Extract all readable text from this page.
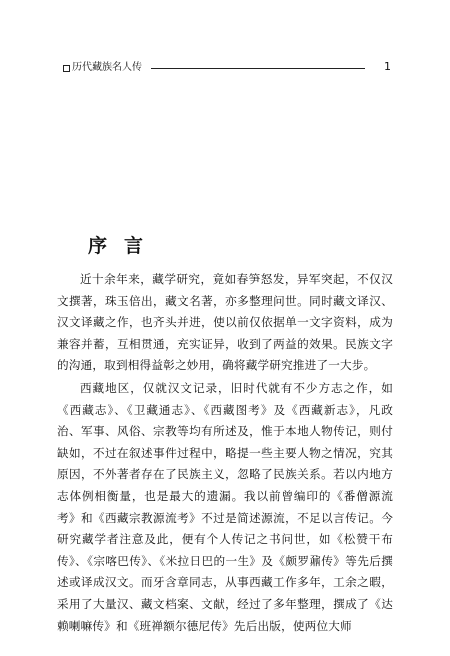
历代藏族名人传	1
序言

近十余年来，藏学研究，竟如春笋怒发，异军突起，不仅汉文撰著，珠玉倍出，藏文名著，亦多整理问世。同时藏文译汉、汉文译藏之作，也齐头并进，使以前仅依据单一文字资料，成为兼容并蓄，互相贯通，充实证异，收到了两益的效果。民族文字的沟通，取到相得益彰之妙用，确将藏学研究推进了一大步。

西藏地区，仅就汉文记录，旧时代就有不少方志之作，如《西藏志》、《卫藏通志》、《西藏图考》及《西藏新志》，凡政治、军事、风俗、宗教等均有所述及，惟于本地人物传记，则付缺如，不过在叙述事件过程中，略提一些主要人物之情况，究其原因，不外著者存在了民族主义，忽略了民族关系。若以内地方志体例相衡量，也是最大的遗漏。我以前曾编印的《番僧源流考》和《西藏宗教源流考》不过是简述源流，不足以言传记。今研究藏学者注意及此，便有个人传记之书问世，如《松赞干布传》、《宗喀巴传》、《米拉日巴的一生》及《颇罗鼐传》等先后撰述或译成汉文。而牙含章同志，从事西藏工作多年，工余之暇，采用了大量汉、藏文档案、文献，经过了多年整理，撰成了《达赖喇嘛传》和《班禅额尔德尼传》先后出版，使两位大师
